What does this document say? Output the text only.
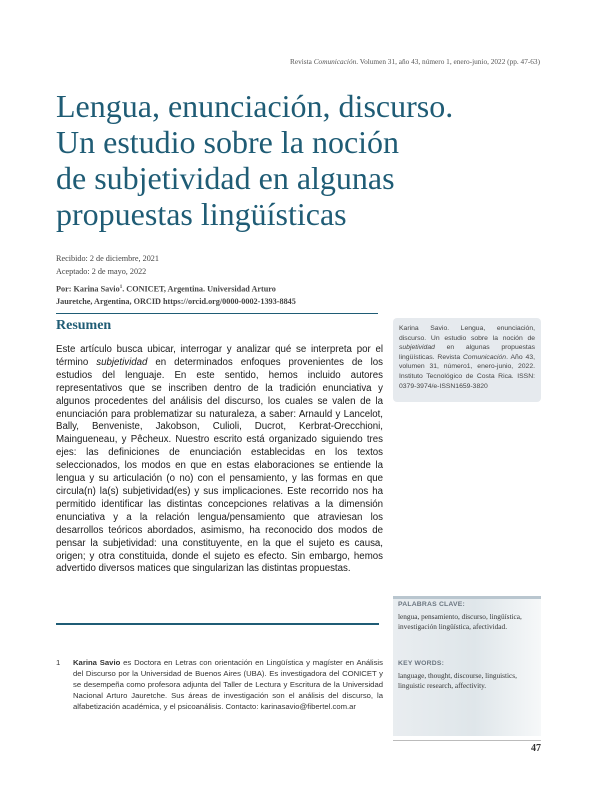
Revista Comunicación. Volumen 31, año 43, número 1, enero-junio, 2022 (pp. 47-63)
Lengua, enunciación, discurso.
Un estudio sobre la noción
de subjetividad en algunas
propuestas lingüísticas
Recibido: 2 de diciembre, 2021
Aceptado: 2 de mayo, 2022
Por: Karina Savio$^1$. CONICET, Argentina. Universidad Arturo
Jauretche, Argentina, ORCID https://orcid.org/0000-0002-1393-8845
Resumen
Este artículo busca ubicar, interrogar y analizar qué se interpreta por el término subjetividad en determinados enfoques provenientes de los estudios del lenguaje. En este sentido, hemos incluido autores representativos que se inscriben dentro de la tradición enunciativa y algunos procedentes del análisis del discurso, los cuales se valen de la enunciación para problematizar su naturaleza, a saber: Arnauld y Lancelot, Bally, Benveniste, Jakobson, Culioli, Ducrot, Kerbrat-Orecchioni, Maingueneau, y Pêcheux. Nuestro escrito está organizado siguiendo tres ejes: las definiciones de enunciación establecidas en los textos seleccionados, los modos en que en estas elaboraciones se entiende la lengua y su articulación (o no) con el pensamiento, y las formas en que circula(n) la(s) subjetividad(es) y sus implicaciones. Este recorrido nos ha permitido identificar las distintas concepciones relativas a la dimensión enunciativa y a la relación lengua/pensamiento que atraviesan los desarrollos teóricos abordados, asimismo, ha reconocido dos modos de pensar la subjetividad: una constituyente, en la que el sujeto es causa, origen; y otra constituida, donde el sujeto es efecto. Sin embargo, hemos advertido diversos matices que singularizan las distintas propuestas.
Karina Savio. Lengua, enunciación, discurso. Un estudio sobre la noción de subjetividad en algunas propuestas lingüísticas. Revista Comunicación. Año 43, volumen 31, número1, enero-junio, 2022. Instituto Tecnológico de Costa Rica. ISSN: 0379-3974/e-ISSN1659-3820
PALABRAS CLAVE:
lengua, pensamiento, discurso, lingüística, investigación lingüística, afectividad.
KEY WORDS:
language, thought, discourse, linguistics, linguistic research, affectivity.
1 Karina Savio es Doctora en Letras con orientación en Lingüística y magíster en Análisis del Discurso por la Universidad de Buenos Aires (UBA). Es investigadora del CONICET y se desempeña como profesora adjunta del Taller de Lectura y Escritura de la Universidad Nacional Arturo Jauretche. Sus áreas de investigación son el análisis del discurso, la alfabetización académica, y el psicoanálisis. Contacto: karinasavio@fibertel.com.ar
47
